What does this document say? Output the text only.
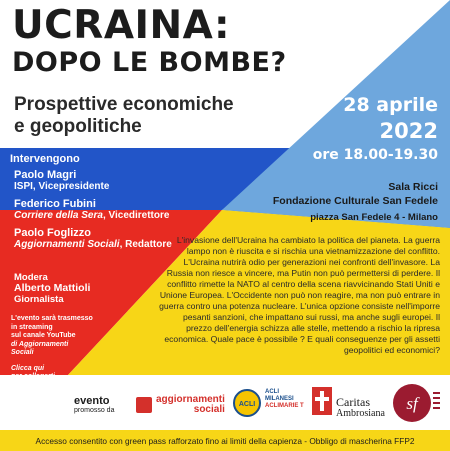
UCRAINA:
DOPO LE BOMBE?
Prospettive economiche
e geopolitiche
28 aprile
2022
ore 18.00-19.30
Sala Ricci
Fondazione Culturale San Fedele
piazza San Fedele 4 - Milano
Intervengono
Paolo Magri
ISPI, Vicepresidente
Federico Fubini
Corriere della Sera, Vicedirettore
Paolo Foglizzo
Aggiornamenti Sociali, Redattore
Modera
Alberto Mattioli
Giornalista
L'evento sarà trasmesso
in streaming
sul canale YouTube
di Aggiornamenti
Sociali
Clicca qui
per collegarti
L'invasione dell'Ucraina ha cambiato la politica del pianeta. La guerra lampo non è riuscita e si rischia una vietnamizzazione del conflitto. L'Ucraina nutrirà odio per generazioni nei confronti dell'invasore. La Russia non riesce a vincere, ma Putin non può permettersi di perdere. Il conflitto rimette la NATO al centro della scena riavvicinando Stati Uniti e Unione Europea. L'Occidente non può non reagire, ma non può entrare in guerra contro una potenza nucleare. L'unica opzione consiste nell'imporre pesanti sanzioni, che impattano sui russi, ma anche sugli europei. Il prezzo dell'energia schizza alle stelle, mettendo a rischio la ripresa economica. Quale pace è possibile ? E quali conseguenze per gli assetti geopolitici ed economici?
evento
promosso da
aggiornamenti
sociali ACLI
ACLI
MILANESI
ACLIMARIE T	Caritas
Ambrosiana
sf
Accesso consentito con green pass rafforzato fino ai limiti della capienza - Obbligo di mascherina FFP2
